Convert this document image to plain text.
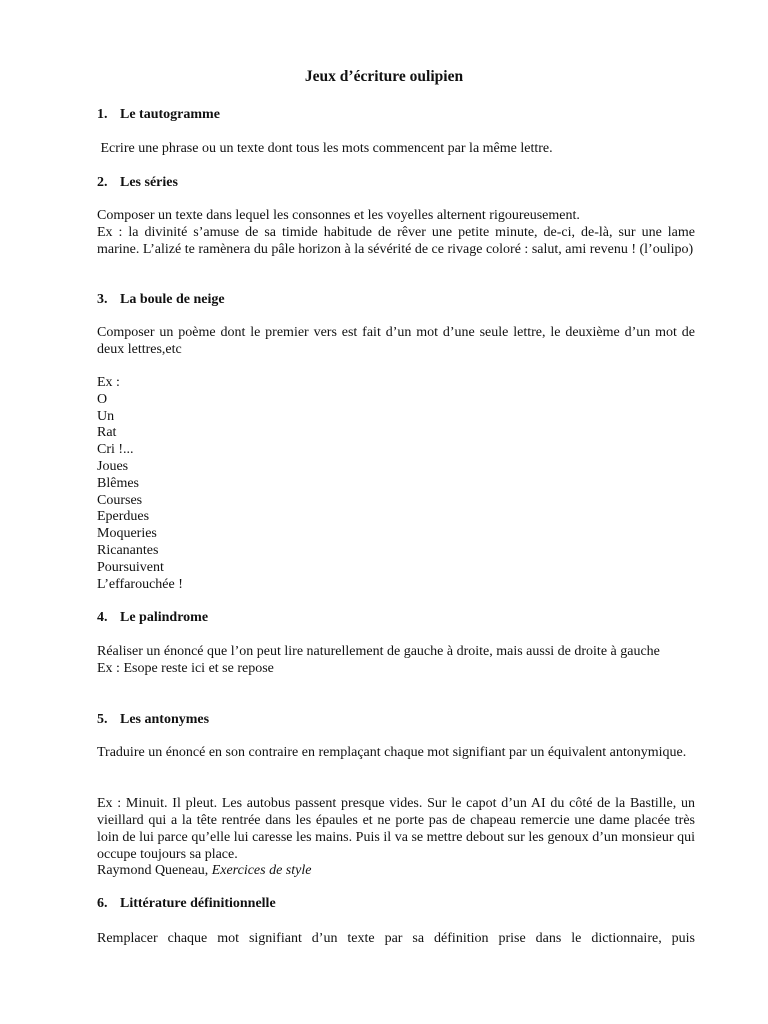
Jeux d’écriture oulipien
1. Le tautogramme

Ecrire une phrase ou un texte dont tous les mots commencent par la même lettre.

2. Les séries
Composer un texte dans lequel les consonnes et les voyelles alternent rigoureusement.
Ex : la divinité s’amuse de sa timide habitude de rêver une petite minute, de-ci, de-là, sur une lame marine. L’alizé te ramènera du pâle horizon à la sévérité de ce rivage coloré : salut, ami revenu ! (l’oulipo)
3. La boule de neige

Composer un poème dont le premier vers est fait d’un mot d’une seule lettre, le deuxième d’un mot de deux lettres,etc

Ex :
O
Un
Rat
Cri !...
Joues
Blêmes
Courses
Eperdues
Moqueries
Ricanantes
Poursuivent
L’effarouchée !
4. Le palindrome
Réaliser un énoncé que l’on peut lire naturellement de gauche à droite, mais aussi de droite à gauche
Ex : Esope reste ici et se repose
5. Les antonymes

Traduire un énoncé en son contraire en remplaçant chaque mot signifiant par un équivalent antonymique.

Ex : Minuit. Il pleut. Les autobus passent presque vides. Sur le capot d’un AI du côté de la Bastille, un vieillard qui a la tête rentrée dans les épaules et ne porte pas de chapeau remercie une dame placée très loin de lui parce qu’elle lui caresse les mains. Puis il va se mettre debout sur les genoux d’un monsieur qui occupe toujours sa place.

Raymond Queneau, Exercices de style

6. Littérature définitionnelle

Remplacer chaque mot signifiant d’un texte par sa définition prise dans le dictionnaire, puis
